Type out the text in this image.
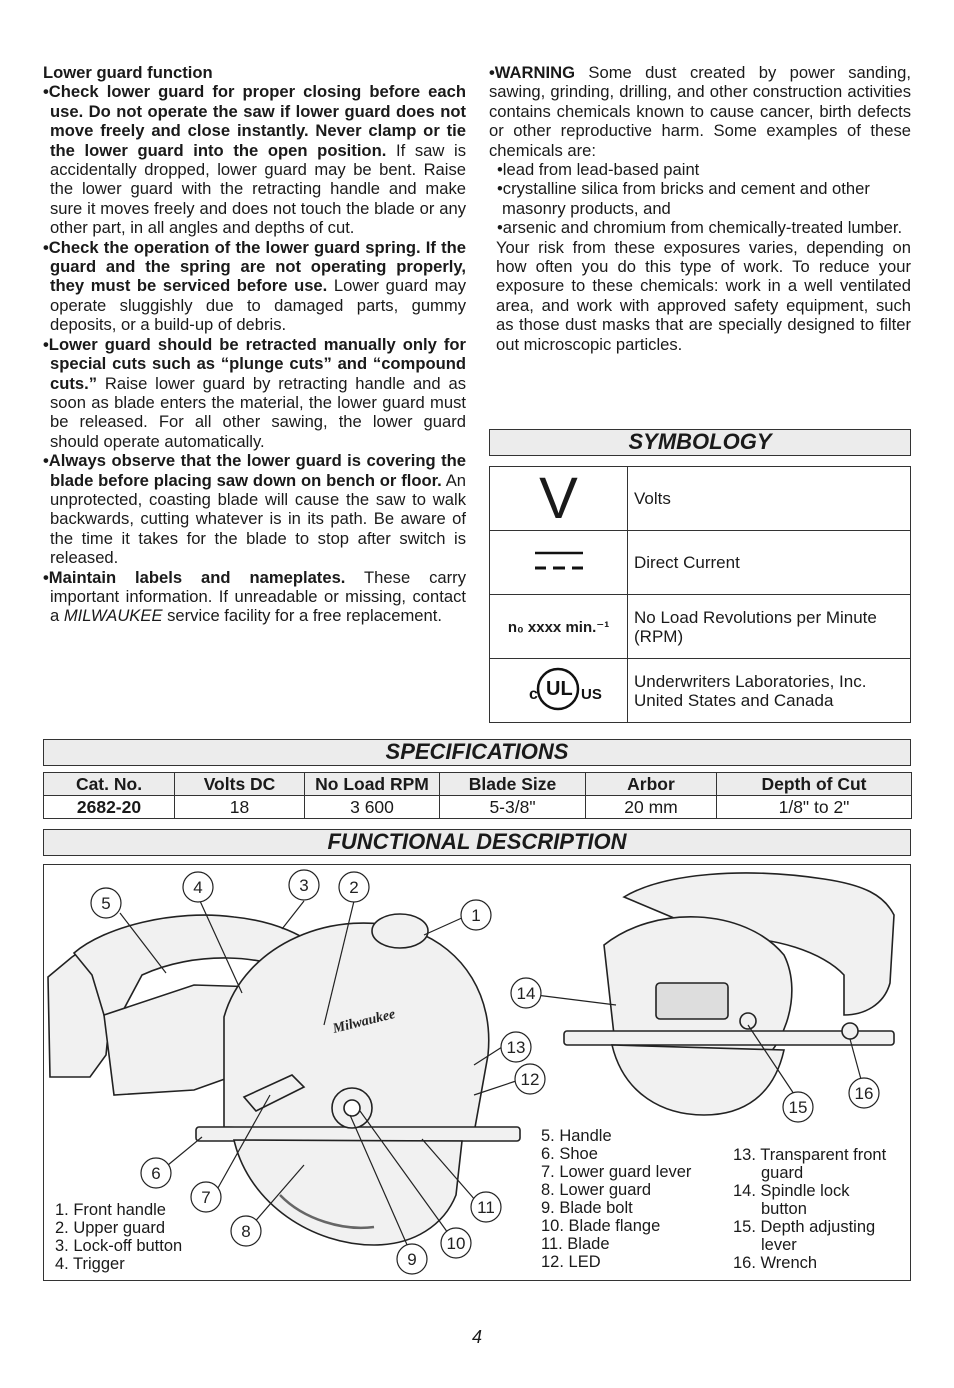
Lower guard function

•Check lower guard for proper closing before each use. Do not operate the saw if lower guard does not move freely and close instantly. Never clamp or tie the lower guard into the open position. If saw is accidentally dropped, lower guard may be bent. Raise the lower guard with the retracting handle and make sure it moves freely and does not touch the blade or any other part, in all angles and depths of cut.

•Check the operation of the lower guard spring. If the guard and the spring are not operating properly, they must be serviced before use. Lower guard may operate sluggishly due to damaged parts, gummy deposits, or a build-up of debris.

•Lower guard should be retracted manually only for special cuts such as “plunge cuts” and “compound cuts.” Raise lower guard by retracting handle and as soon as blade enters the material, the lower guard must be released. For all other sawing, the lower guard should operate automatically.

•Always observe that the lower guard is covering the blade before placing saw down on bench or floor. An unprotected, coasting blade will cause the saw to walk backwards, cutting whatever is in its path. Be aware of the time it takes for the blade to stop after switch is released.

•Maintain labels and nameplates. These carry important information. If unreadable or missing, contact a MILWAUKEE service facility for a free replacement.

•WARNING Some dust created by power sanding, sawing, grinding, drilling, and other construction activities contains chemicals known to cause cancer, birth defects or other reproductive harm. Some examples of these chemicals are:
•lead from lead-based paint
•crystalline silica from bricks and cement and other masonry products, and
•arsenic and chromium from chemically-treated lumber.
Your risk from these exposures varies, depending on how often you do this type of work. To reduce your exposure to these chemicals: work in a well ventilated area, and work with approved safety equipment, such as those dust masks that are specially designed to filter out microscopic particles.
SYMBOLOGY
V	Volts
	Direct Current
n₀ xxxx min.⁻¹	No Load Revolutions per Minute (RPM)

c UL US	Underwriters Laboratories, Inc. United States and Canada
SPECIFICATIONS
Cat. No.	Volts DC	No Load RPM	Blade Size	Arbor	Depth of Cut
2682-20	18	3 600	5-3/8"	20 mm	1/8" to 2"
FUNCTIONAL DESCRIPTION
Milwaukee
1
2
3
4
5
6
7
8
9
10
11
12
13
14
15
16
1. Front handle
2. Upper guard
3. Lock-off button
4. Trigger
5. Handle
6. Shoe
7. Lower guard lever
8. Lower guard
9. Blade bolt
10. Blade flange
11. Blade
12. LED
13. Transparent front
guard
14. Spindle lock
button
15. Depth adjusting
lever
16. Wrench
4
